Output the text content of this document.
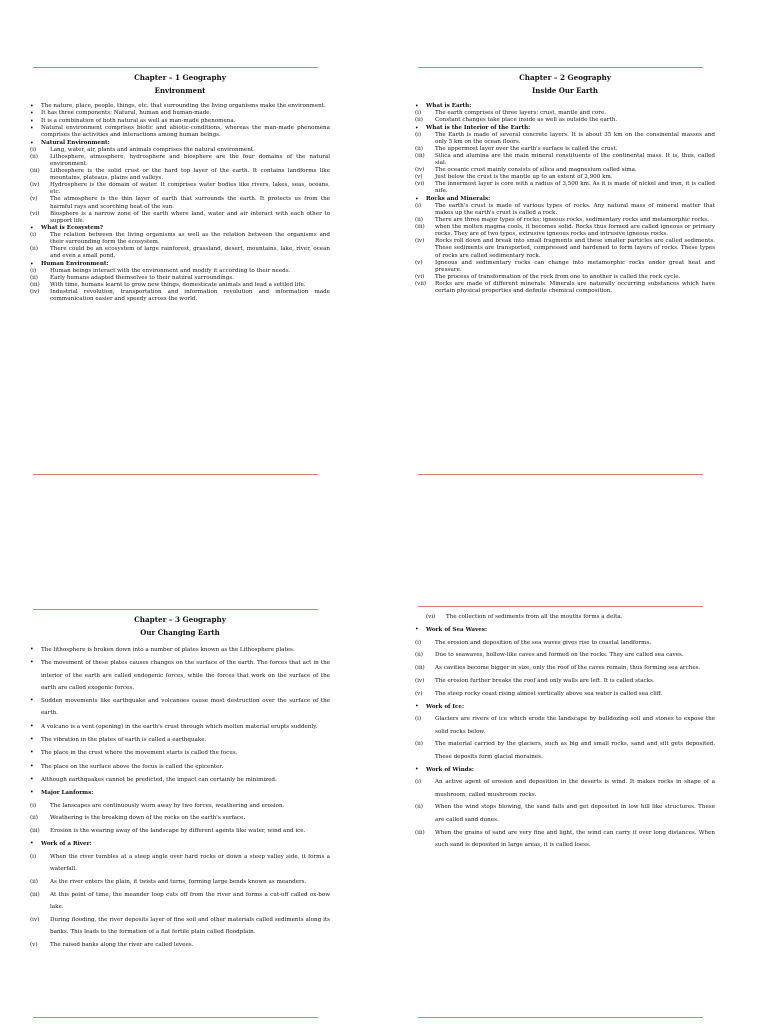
Chapter – 1 Geography
Environment
• The nature, place, people, things, etc. that surrounding the living organisms make the environment.
• It has three components: Natural, human and human-made.
• It is a combination of both natural as well as man-made phenomena.
• Natural environment comprises biotic and abiotic-conditions, whereas the man-made phenomena comprises the activities and interactions among human beings.
• Natural Environment:
(i) Lang, water, air, plants and animals comprises the natural environment.
(ii) Lithosphere, atmosphere, hydrosphere and biosphere are the four domains of the natural environment.
(iii) Lithosphere is the solid crust or the hard top layer of the earth. It contains landforms like mountains, plateaus, plains and valleys.
(iv) Hydrosphere is the domain of water. It comprises water bodies like rivers, lakes, seas, oceans, etc.
(v) The atmosphere is the thin layer of earth that surrounds the earth. It protects us from the harmful rays and scorching heat of the sun.
(vi) Biosphere is a narrow zone of the earth where land, water and air interact with each other to support life.
• What is Ecosystem?
(i) The relation between the living organisms as well as the relation between the organisms and their surrounding form the ecosystem.
(ii) There could be an ecosystem of large rainforest, grassland, desert, mountains, lake, river, ocean and even a small pond.
• Human Environment:
(i) Human beings interact with the environment and modify it according to their needs.
(ii) Early humans adapted themselves to their natural surroundings.
(iii) With time, humans learnt to grow new things, domesticate animals and lead a settled life.
(iv) Industrial revolution, transportation and information revolution and information made communication easier and speedy across the world.
Chapter – 2 Geography
Inside Our Earth
• What is Earth:
(i) The earth comprises of three layers: crust, mantle and core.
(ii) Constant changes take place inside as well as outside the earth.
• What is the Interior of the Earth:
(i) The Earth is made of several concrete layers. It is about 35 km on the consinental masses and only 5 km on the ocean floors.
(ii) The uppermost layer over the earth's surface is called the crust.
(iii) Silica and alumina are the main mineral constituents of the continental mass. It is, thus, called sial.
(iv) The oceanic crust mainly consists of silica and magnesium called sima.
(v) Just below the crust is the mantle up to an extent of 2,900 km.
(vi) The innermost layer is core with a radius of 3,500 km. As it is made of nickel and iron, it is called nife.
• Rocks and Minerals:
(i) The earth's crust is made of various types of rocks. Any natural mass of mineral matter that makes up the earth's crust is called a rock.
(ii) There are three major types of rocks; igneous rocks, sedimentary rocks and metamorphic rocks.
(iii) when the molten magma cools, it becomes solid. Rocks thus formed are called igneous or primary rocks. They are of two types, extrusive igneous rocks and intrusive igneous rocks.
(iv) Rocks roll down and break into small fragments and these smaller particles are called sediments. These sediments are transported, compressed and hardened to form layers of rocks. These types of rocks are called sedimentary rock.
(v) Igneous and sedimentary rocks can change into metamorphic rocks under great heat and pressure.
(vi) The process of transformation of the rock from one to another is called the rock cycle.
(vii) Rocks are made of different minerals. Minerals are naturally occurring substances which have certain physical properties and definite chemical composition.
Chapter – 3 Geography
Our Changing Earth
• The lithosphere is broken down into a number of plates known as the Lithosphere plates.
• The movement of these plates causes changes on the surface of the earth. The forces that act in the interior of the earth are called endogenic forces, while the forces that work on the surface of the earth are called exogenic forces.
• Sudden movements like earthquake and volcanoes cause most destruction over the surface of the earth.
• A volcano is a vent (opening) in the earth's crust through which molten material erupts suddenly.
• The vibration in the plates of earth is called a earthquake.
• The place in the crust where the movement starts is called the focus.
• The place on the surface above the focus is called the epicenter.
• Although earthquakes cannot be predicted, the impact can certainly be minimized.
• Major Lanforms:
(i) The lanscapes are continuously worn away by two forces, weathering and erosion.
(ii) Weathering is the breaking down of the rocks on the earth's surface.
(iii) Erosion is the wearing away of the landscape by different agents like water, wind and ice.
• Work of a River:
(i) When the river tumbles at a steep angle over hard rocks or down a steep valley side, it forms a waterfall.
(ii) As the river enters the plain, it twists and turns, forming large bends known as meanders.
(iii) At this point of time, the meander loop cuts off from the river and forms a cut-off called ox-bow lake.
(iv) During flooding, the river deposits layer of fine soil and other materials called sediments along its banks. This leads to the formation of a flat fertile plain called floodplain.
(v) The raised banks along the river are called levees.
(vi) The collection of sediments from all the mouths forms a delta.
• Work of Sea Waves:
(i) The erosion and deposition of the sea waves gives rise to coastal landforms.
(ii) Due to seawaves, hollow-like caves and formed on the rocks. They are called sea caves.
(iii) As cavities become bigger in size, only the roof of the caves remain, thus forming sea arches.
(iv) The erosion further breaks the roof and only walls are left. It is called stacks.
(v) The steep rocky coast rising almost vertically above sea water is called sea cliff.
• Work of Ice:
(i) Glaciers are rivers of ice which erode the landscape by bulldozing soil and stones to expose the solid rocks below.
(ii) The material carried by the glaciers, such as big and small rocks, sand and silt gets deposited. These deposits form glacial moraines.
• Work of Winds:
(i) An active agent of erosion and deposition in the deserts is wind. It makes rocks in shape of a mushroom, called mushroom rocks.
(ii) When the wind stops blowing, the sand falls and get deposited in low hill like structures. These are called sand dunes.
(iii) When the grains of sand are very fine and light, the wind can carry it over long distances. When such sand is deposited in large areas, it is called loess.
